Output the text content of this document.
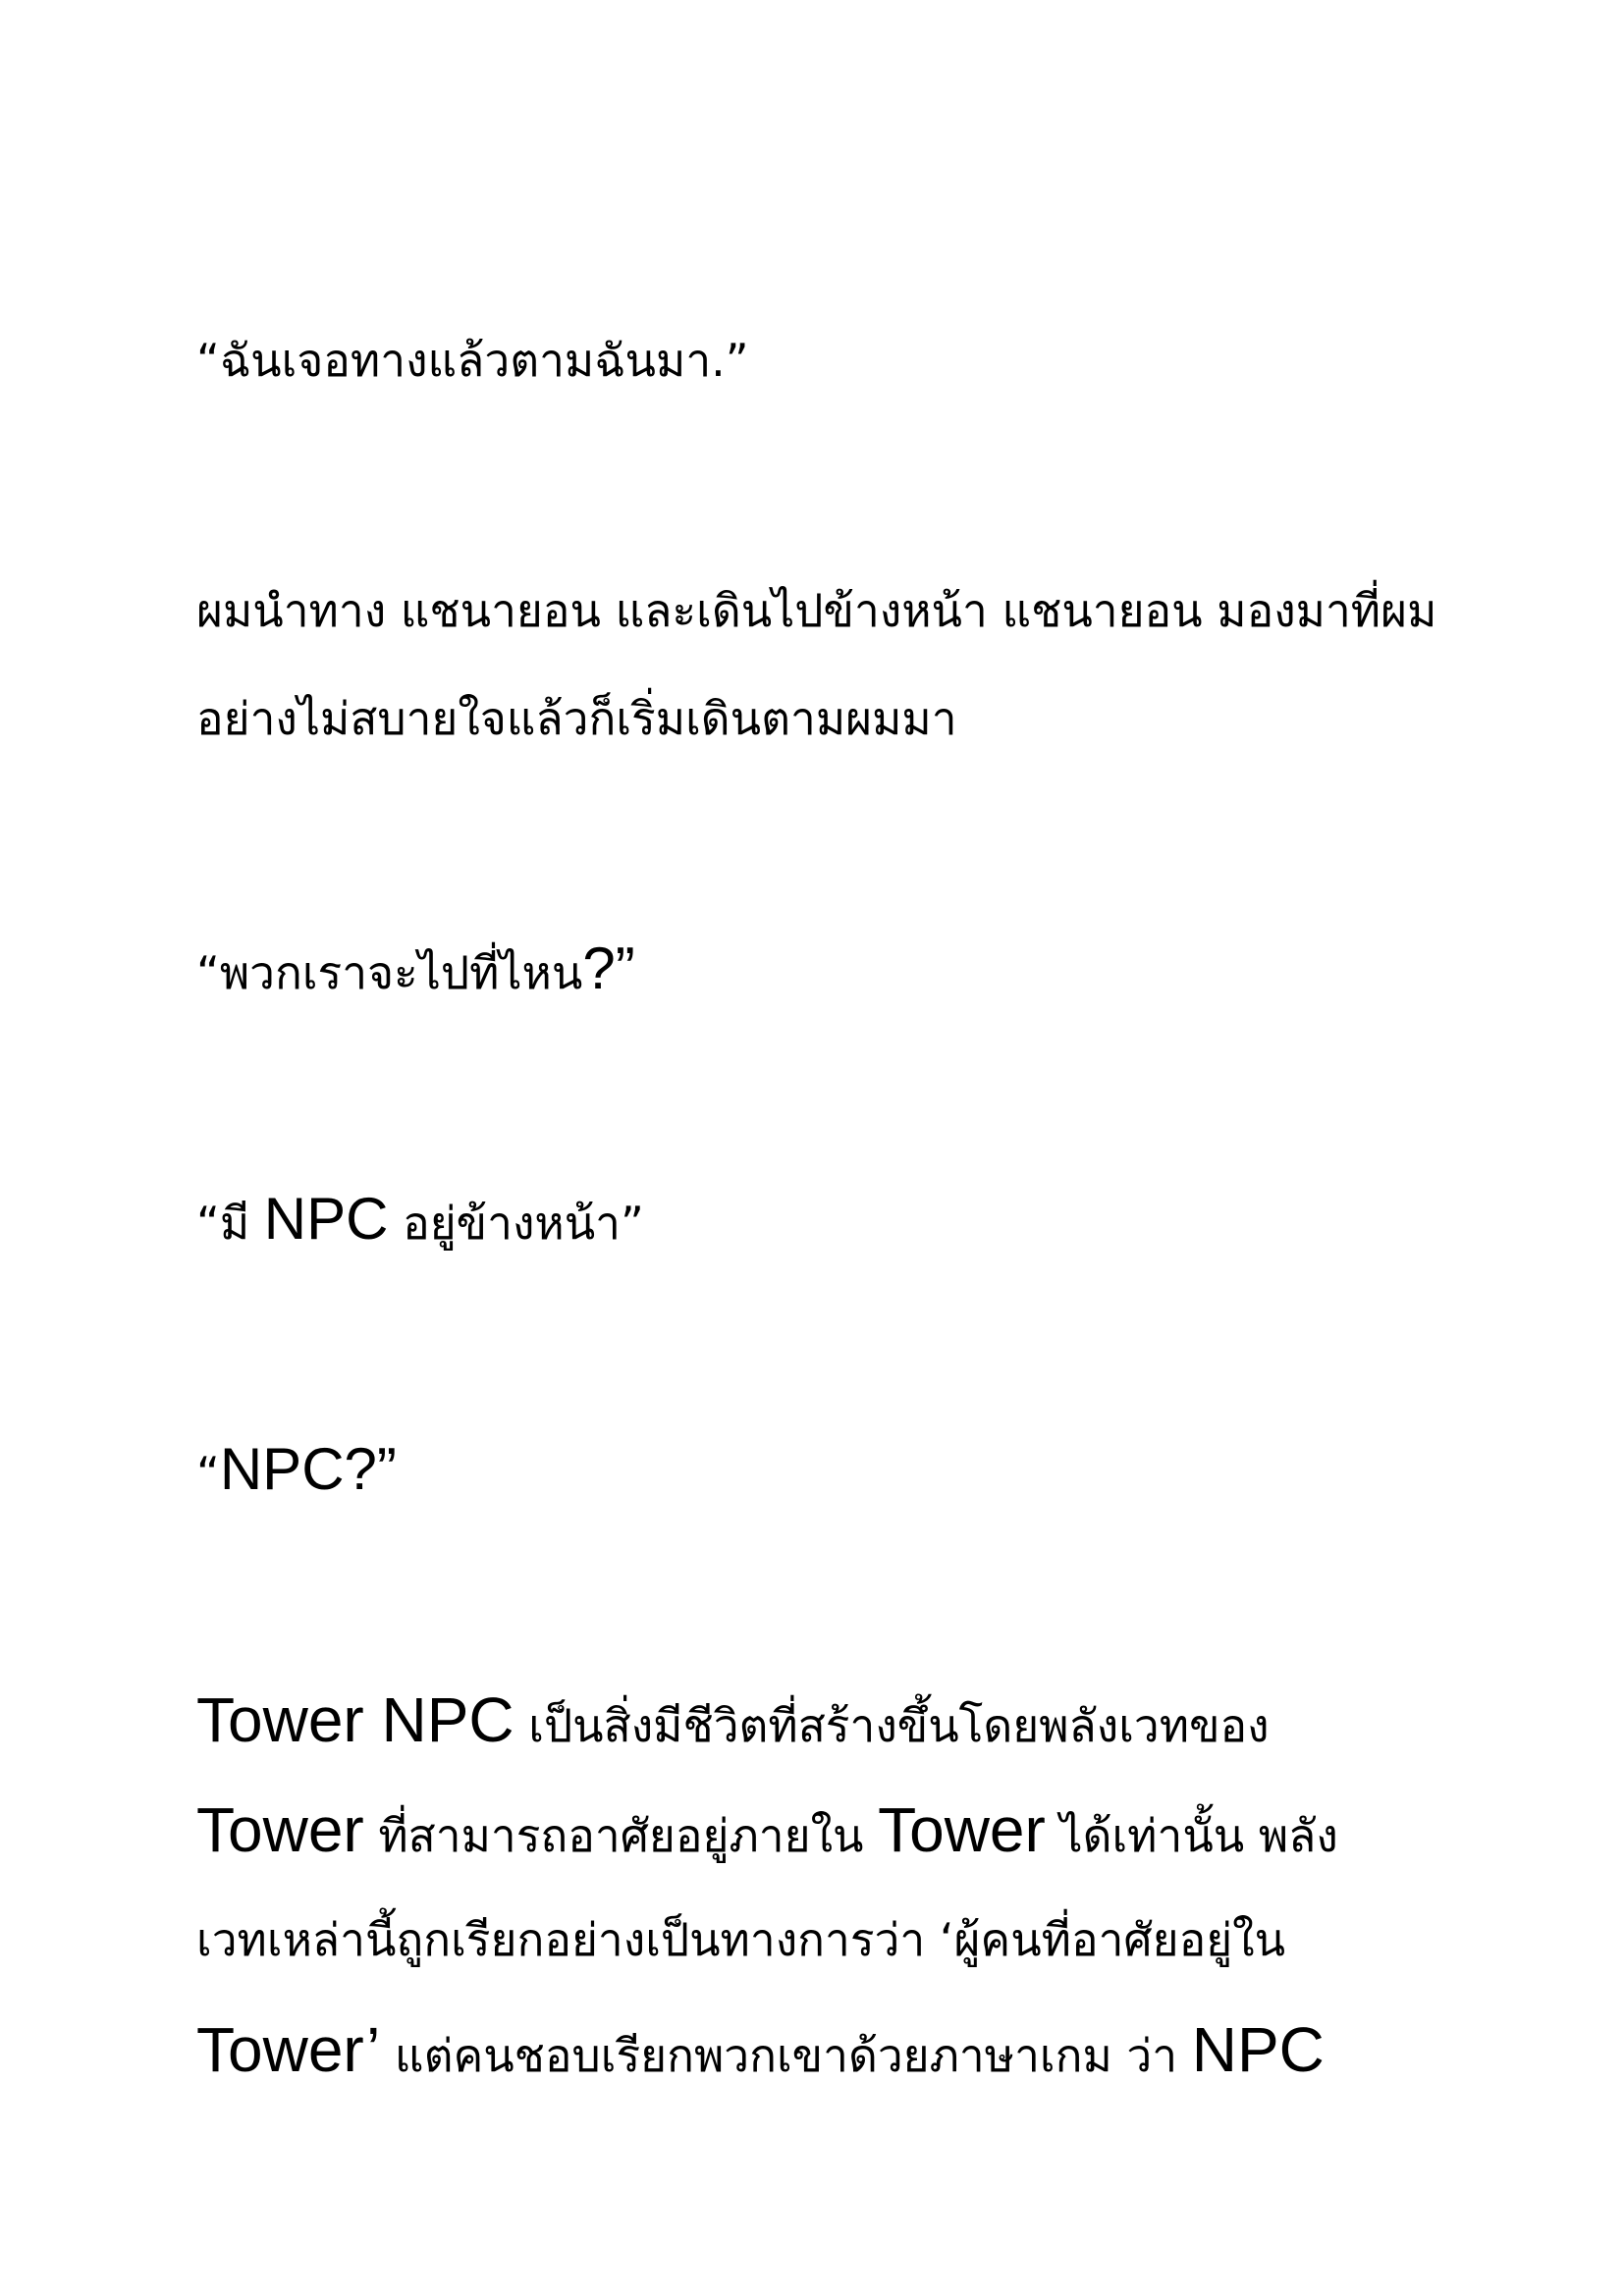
“ฉันเจอทางแล้วตามฉันมา.”
ผมนำทาง แชนายอน และเดินไปข้างหน้า แชนายอน มองมาที่ผม
อย่างไม่สบายใจแล้วก็เริ่มเดินตามผมมา
“พวกเราจะไปที่ไหน?”
“มี NPC อยู่ข้างหน้า”
“NPC?”
Tower NPC เป็นสิ่งมีชีวิตที่สร้างขึ้นโดยพลังเวทของ
Tower ที่สามารถอาศัยอยู่ภายใน Tower ได้เท่านั้น พลัง
เวทเหล่านี้ถูกเรียกอย่างเป็นทางการว่า ‘ผู้คนที่อาศัยอยู่ใน
Tower’ แต่คนชอบเรียกพวกเขาด้วยภาษาเกม ว่า NPC
